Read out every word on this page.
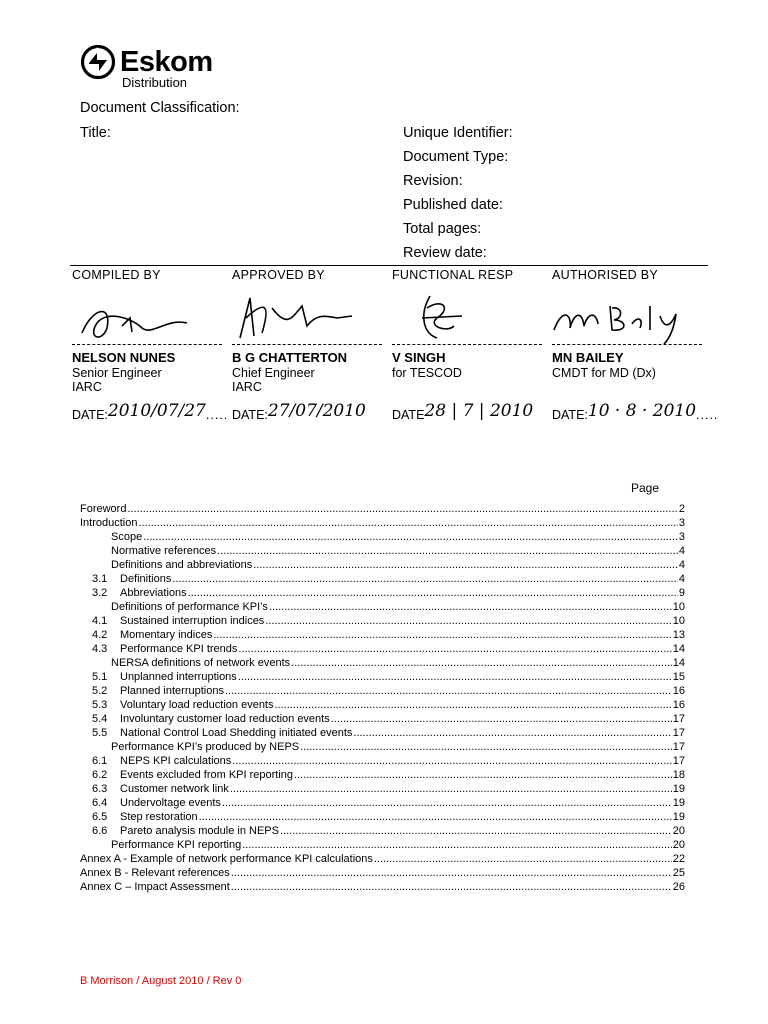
Eskom
Distribution
Document Classification:
Title:	Unique Identifier:
Document Type:
Revision:
Published date:
Total pages:
Review date:
COMPILED BY
NELSON NUNES
Senior Engineer
IARC
DATE:2010/07/27.....
APPROVED BY
B G CHATTERTON
Chief Engineer
IARC
DATE:27/07/2010
FUNCTIONAL RESP
V SINGH
for TESCOD
DATE28 | 7 | 2010
AUTHORISED BY
MN BAILEY
CMDT for MD (Dx)
DATE:10 · 8 · 2010.....
Page
Foreword .....	2
Introduction .....	3
Scope .....	3
Normative references .....	4
Definitions and abbreviations .....	4
3.1	Definitions .....	4
3.2	Abbreviations .....	9
Definitions of performance KPI’s .....	10
4.1	Sustained interruption indices .....	10
4.2	Momentary indices .....	13
4.3	Performance KPI trends .....	14
NERSA definitions of network events .....	14
5.1	Unplanned interruptions .....	15
5.2	Planned interruptions .....	16
5.3	Voluntary load reduction events .....	16
5.4	Involuntary customer load reduction events .....	17
5.5	National Control Load Shedding initiated events .....	17
Performance KPI’s produced by NEPS .....	17
6.1	NEPS KPI calculations .....	17
6.2	Events excluded from KPI reporting .....	18
6.3	Customer network link .....	19
6.4	Undervoltage events .....	19
6.5	Step restoration .....	19
6.6	Pareto analysis module in NEPS .....	20
Performance KPI reporting .....	20
Annex A - Example of network performance KPI calculations .....	22
Annex B - Relevant references .....	25
Annex C – Impact Assessment .....	26
B Morrison / August 2010 / Rev 0
